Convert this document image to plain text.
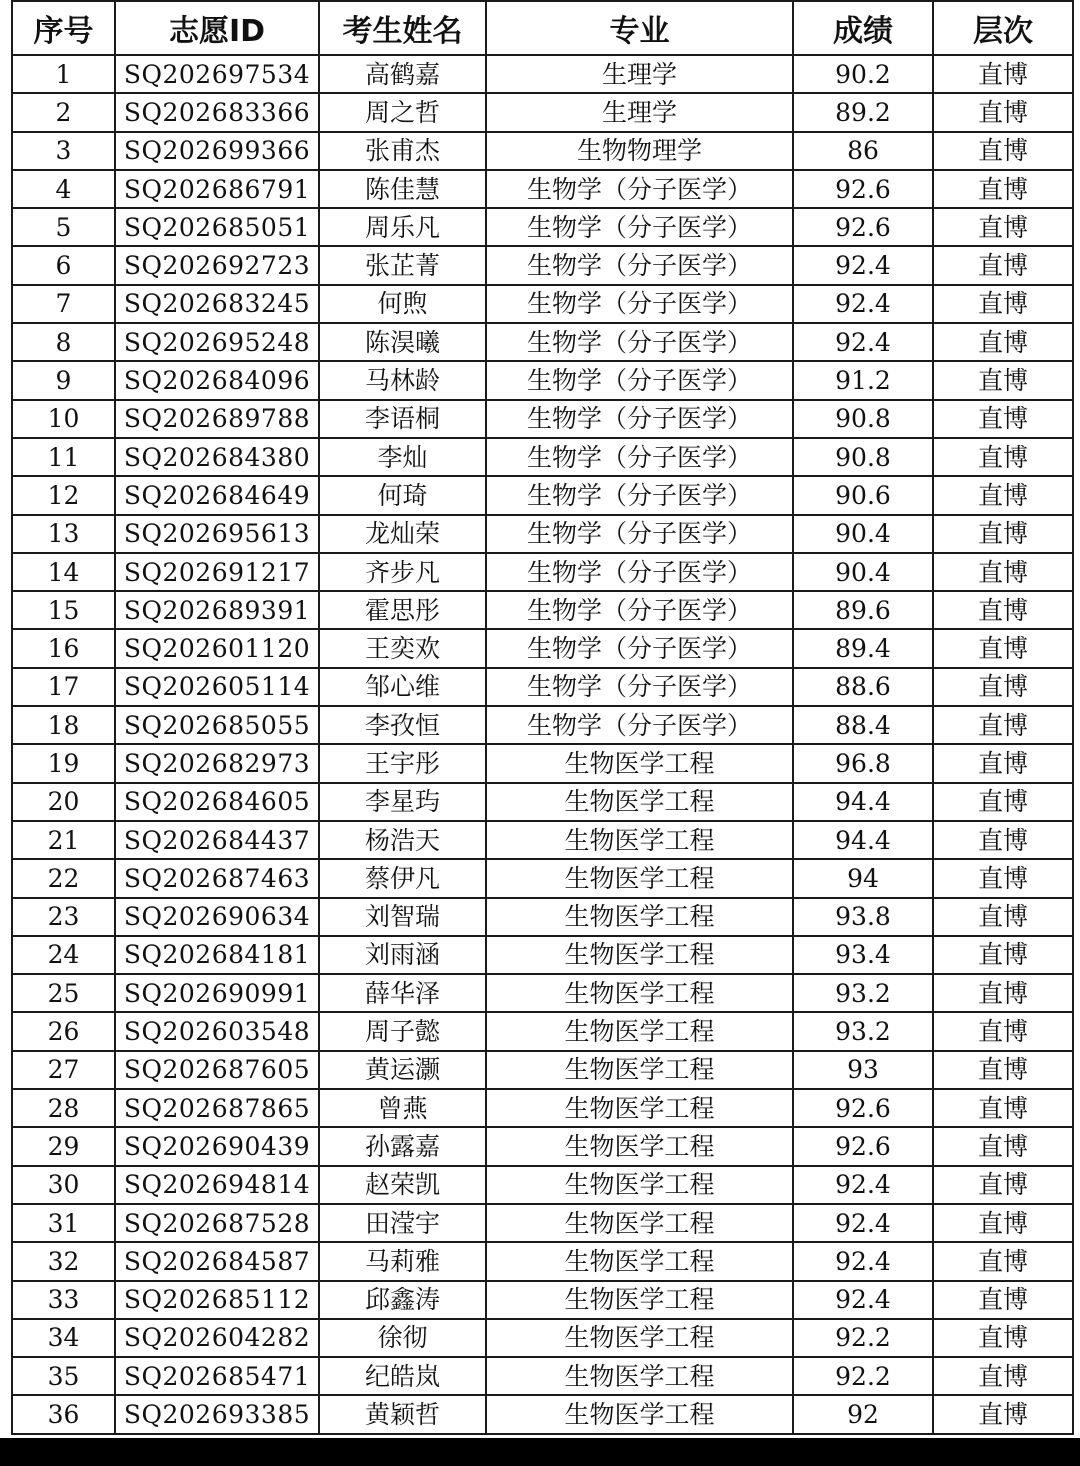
序号	志愿ID	考生姓名	专业	成绩	层次
1	SQ202697534	高鹤嘉	生理学	90.2	直博
2	SQ202683366	周之哲	生理学	89.2	直博
3	SQ202699366	张甫杰	生物物理学	86	直博
4	SQ202686791	陈佳慧	生物学（分子医学）	92.6	直博
5	SQ202685051	周乐凡	生物学（分子医学）	92.6	直博
6	SQ202692723	张芷菁	生物学（分子医学）	92.4	直博
7	SQ202683245	何煦	生物学（分子医学）	92.4	直博
8	SQ202695248	陈淏曦	生物学（分子医学）	92.4	直博
9	SQ202684096	马林龄	生物学（分子医学）	91.2	直博
10	SQ202689788	李语桐	生物学（分子医学）	90.8	直博
11	SQ202684380	李灿	生物学（分子医学）	90.8	直博
12	SQ202684649	何琦	生物学（分子医学）	90.6	直博
13	SQ202695613	龙灿荣	生物学（分子医学）	90.4	直博
14	SQ202691217	齐步凡	生物学（分子医学）	90.4	直博
15	SQ202689391	霍思彤	生物学（分子医学）	89.6	直博
16	SQ202601120	王奕欢	生物学（分子医学）	89.4	直博
17	SQ202605114	邹心维	生物学（分子医学）	88.6	直博
18	SQ202685055	李孜恒	生物学（分子医学）	88.4	直博
19	SQ202682973	王宇彤	生物医学工程	96.8	直博
20	SQ202684605	李星玙	生物医学工程	94.4	直博
21	SQ202684437	杨浩天	生物医学工程	94.4	直博
22	SQ202687463	蔡伊凡	生物医学工程	94	直博
23	SQ202690634	刘智瑞	生物医学工程	93.8	直博
24	SQ202684181	刘雨涵	生物医学工程	93.4	直博
25	SQ202690991	薛华泽	生物医学工程	93.2	直博
26	SQ202603548	周子懿	生物医学工程	93.2	直博
27	SQ202687605	黄运灏	生物医学工程	93	直博
28	SQ202687865	曾燕	生物医学工程	92.6	直博
29	SQ202690439	孙露嘉	生物医学工程	92.6	直博
30	SQ202694814	赵荣凯	生物医学工程	92.4	直博
31	SQ202687528	田滢宇	生物医学工程	92.4	直博
32	SQ202684587	马莉雅	生物医学工程	92.4	直博
33	SQ202685112	邱鑫涛	生物医学工程	92.4	直博
34	SQ202604282	徐彻	生物医学工程	92.2	直博
35	SQ202685471	纪皓岚	生物医学工程	92.2	直博
36	SQ202693385	黄颖哲	生物医学工程	92	直博
